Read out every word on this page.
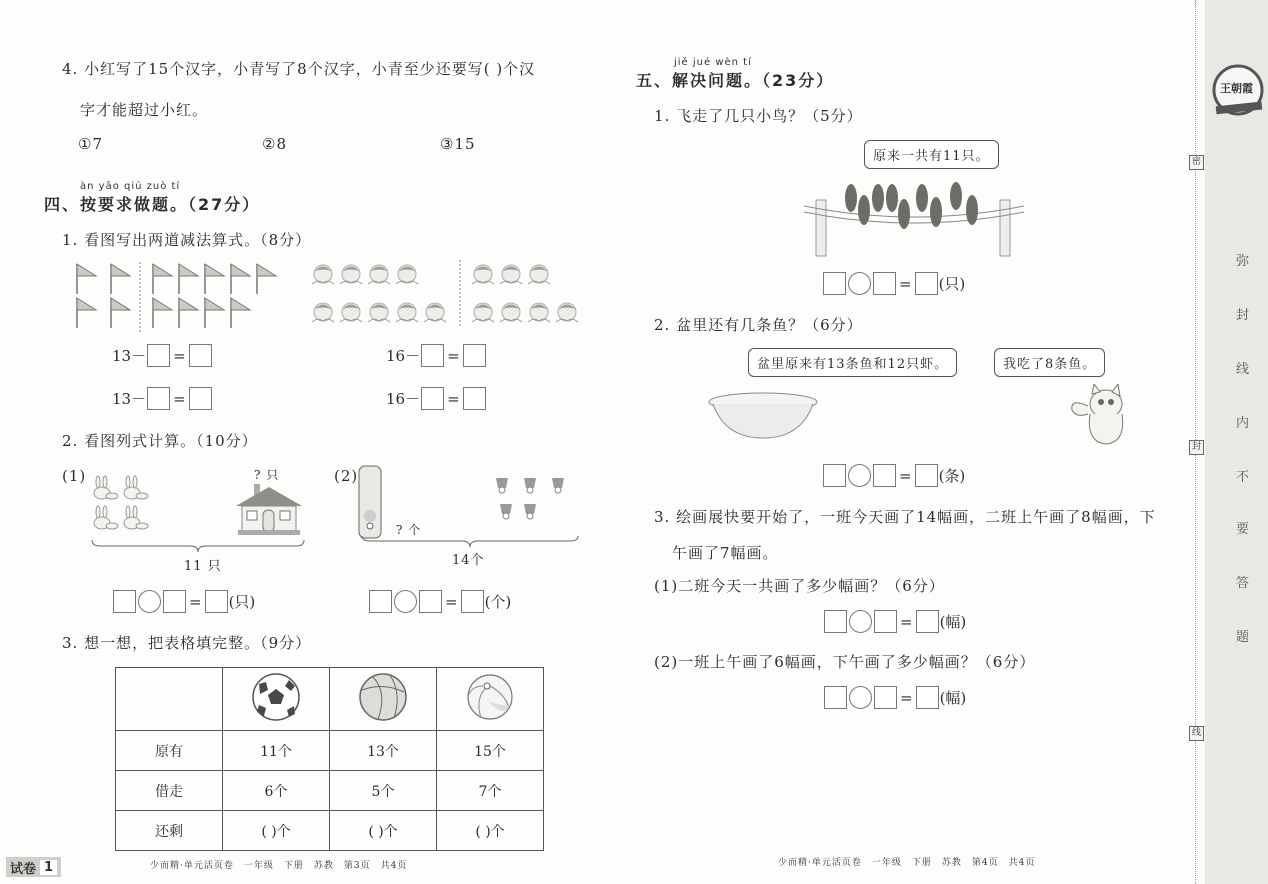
4. 小红写了15个汉字，小青写了8个汉字，小青至少还要写( )个汉
字才能超过小红。
①7	②8	③15
àn yāo qiú zuò tí
四、按要求做题。（27分）
1. 看图写出两道减法算式。（8分）
13－ =	16－ =
13－ =	16－ =
2. 看图列式计算。（10分）
(1)	? 只
11 只
= (只)
(2)
? 个
14个
= (个)
3. 想一想，把表格填完整。（9分）

原有	11个	13个	15个
借走	6个	5个	7个
还剩	( )个	( )个	( )个
试卷 1	少而精·单元活页卷　一年级　下册　苏教　第3页　共4页
jiě jué wèn tí
五、解决问题。（23分）
1. 飞走了几只小鸟？（5分）
原来一共有11只。
= (只)
2. 盆里还有几条鱼？（6分）
盆里原来有13条鱼和12只虾。	我吃了8条鱼。
= (条)
3. 绘画展快要开始了，一班今天画了14幅画，二班上午画了8幅画，下
午画了7幅画。
(1)二班今天一共画了多少幅画？（6分）
= (幅)
(2)一班上午画了6幅画，下午画了多少幅画？（6分）
= (幅)
少而精·单元活页卷　一年级　下册　苏教　第4页　共4页
密
封
线
王朝霞
弥
封
线
内
不
要
答
题
